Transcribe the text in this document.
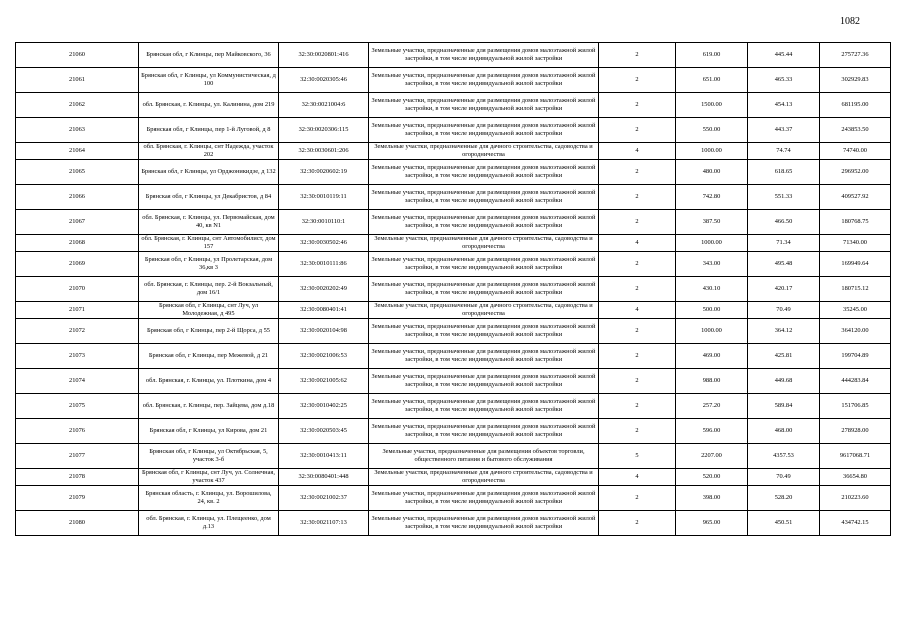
1082
21060	Брянская обл, г Клинцы, пер Майковского, 36	32:30:0020801:416	Земельные участки, предназначенные для размещения домов малоэтажной жилой застройки, в том числе индивидуальной жилой застройки	2	619.00	445.44	275727.36
21061	Брянская обл, г Клинцы, ул Коммунистическая, д 100	32:30:0020305:46	Земельные участки, предназначенные для размещения домов малоэтажной жилой застройки, в том числе индивидуальной жилой застройки	2	651.00	465.33	302929.83
21062	обл. Брянская, г. Клинцы, ул. Калинина, дом 219	32:30:0021004:6	Земельные участки, предназначенные для размещения домов малоэтажной жилой застройки, в том числе индивидуальной жилой застройки	2	1500.00	454.13	681195.00
21063	Брянская обл, г Клинцы, пер 1-й Луговой, д 8	32:30:0020306:115	Земельные участки, предназначенные для размещения домов малоэтажной жилой застройки, в том числе индивидуальной жилой застройки	2	550.00	443.37	243853.50
21064	обл. Брянская, г. Клинцы, снт Надежда, участок 202	32:30:0030601:206	Земельные участки, предназначенные для дачного строительства, садоводства и огородничества	4	1000.00	74.74	74740.00
21065	Брянская обл, г Клинцы, ул Орджоникидзе, д 132	32:30:0020602:19	Земельные участки, предназначенные для размещения домов малоэтажной жилой застройки, в том числе индивидуальной жилой застройки	2	480.00	618.65	296952.00
21066	Брянская обл, г Клинцы, ул Декабристов, д 84	32:30:0010119:11	Земельные участки, предназначенные для размещения домов малоэтажной жилой застройки, в том числе индивидуальной жилой застройки	2	742.80	551.33	409527.92
21067	обл. Брянская, г. Клинцы, ул. Первомайская, дом 40, кв N1	32:30:0010110:1	Земельные участки, предназначенные для размещения домов малоэтажной жилой застройки, в том числе индивидуальной жилой застройки	2	387.50	466.50	180768.75
21068	обл. Брянская, г. Клинцы, снт Автомобилист, дом 157	32:30:0030502:46	Земельные участки, предназначенные для дачного строительства, садоводства и огородничества	4	1000.00	71.34	71340.00
21069	Брянская обл, г Клинцы, ул Пролетарская, дом 36,кв 3	32:30:0010111:86	Земельные участки, предназначенные для размещения домов малоэтажной жилой застройки, в том числе индивидуальной жилой застройки	2	343.00	495.48	169949.64
21070	обл. Брянская, г. Клинцы, пер. 2-й Вокзальный, дом 16/1	32:30:0020202:49	Земельные участки, предназначенные для размещения домов малоэтажной жилой застройки, в том числе индивидуальной жилой застройки	2	430.10	420.17	180715.12
21071	Брянская обл, г Клинцы, снт Луч, ул Молодежная, д 495	32:30:0080401:41	Земельные участки, предназначенные для дачного строительства, садоводства и огородничества	4	500.00	70.49	35245.00
21072	Брянская обл, г Клинцы, пер 2-й Щорса, д 55	32:30:0020104:98	Земельные участки, предназначенные для размещения домов малоэтажной жилой застройки, в том числе индивидуальной жилой застройки	2	1000.00	364.12	364120.00
21073	Брянская обл, г Клинцы, пер Межевой, д 21	32:30:0021006:53	Земельные участки, предназначенные для размещения домов малоэтажной жилой застройки, в том числе индивидуальной жилой застройки	2	469.00	425.81	199704.89
21074	обл. Брянская, г. Клинцы, ул. Плоткина, дом 4	32:30:0021005:62	Земельные участки, предназначенные для размещения домов малоэтажной жилой застройки, в том числе индивидуальной жилой застройки	2	988.00	449.68	444283.84
21075	обл. Брянская, г. Клинцы, пер. Зайцева, дом д.18	32:30:0010402:25	Земельные участки, предназначенные для размещения домов малоэтажной жилой застройки, в том числе индивидуальной жилой застройки	2	257.20	589.84	151706.85
21076	Брянская обл, г Клинцы, ул Кирова, дом 21	32:30:0020503:45	Земельные участки, предназначенные для размещения домов малоэтажной жилой застройки, в том числе индивидуальной жилой застройки	2	596.00	468.00	278928.00
21077	Брянская обл, г Клинцы, ул Октябрьская, 5, участок 3-б	32:30:0010413:11	Земельные участки, предназначенные для размещения объектов торговли, общественного питания и бытового обслуживания	5	2207.00	4357.53	9617068.71
21078	Брянская обл, г Клинцы, снт Луч, ул. Солнечная, участок 437	32:30:0080401:448	Земельные участки, предназначенные для дачного строительства, садоводства и огородничества	4	520.00	70.49	36654.80
21079	Брянская область, г. Клинцы, ул. Ворошилова, 24, кв. 2	32:30:0021002:37	Земельные участки, предназначенные для размещения домов малоэтажной жилой застройки, в том числе индивидуальной жилой застройки	2	398.00	528.20	210223.60
21080	обл. Брянская, г. Клинцы, ул. Плещеенко, дом д.13	32:30:0021107:13	Земельные участки, предназначенные для размещения домов малоэтажной жилой застройки, в том числе индивидуальной жилой застройки	2	965.00	450.51	434742.15
